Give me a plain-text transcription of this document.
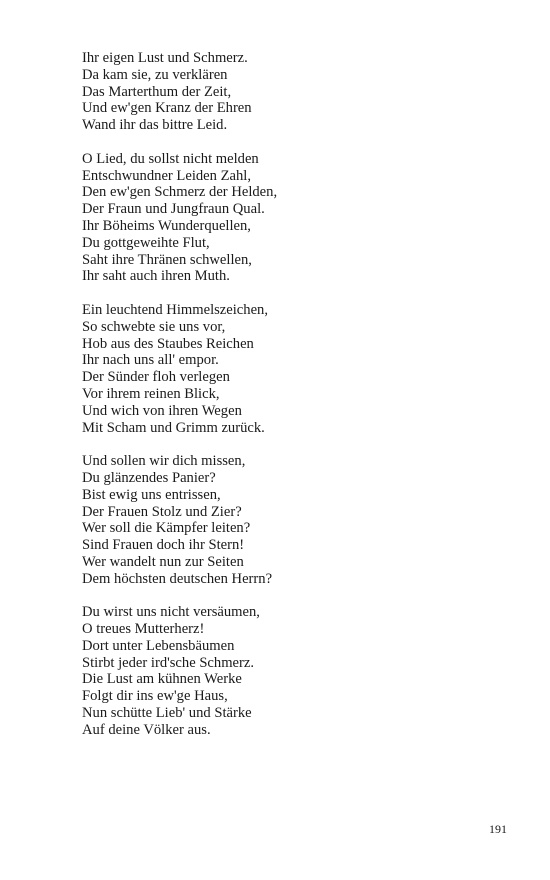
Ihr eigen Lust und Schmerz.
Da kam sie, zu verklären
Das Marterthum der Zeit,
Und ew'gen Kranz der Ehren
Wand ihr das bittre Leid.
O Lied, du sollst nicht melden
Entschwundner Leiden Zahl,
Den ew'gen Schmerz der Helden,
Der Fraun und Jungfraun Qual.
Ihr Böheims Wunderquellen,
Du gottgeweihte Flut,
Saht ihre Thränen schwellen,
Ihr saht auch ihren Muth.
Ein leuchtend Himmelszeichen,
So schwebte sie uns vor,
Hob aus des Staubes Reichen
Ihr nach uns all' empor.
Der Sünder floh verlegen
Vor ihrem reinen Blick,
Und wich von ihren Wegen
Mit Scham und Grimm zurück.
Und sollen wir dich missen,
Du glänzendes Panier?
Bist ewig uns entrissen,
Der Frauen Stolz und Zier?
Wer soll die Kämpfer leiten?
Sind Frauen doch ihr Stern!
Wer wandelt nun zur Seiten
Dem höchsten deutschen Herrn?
Du wirst uns nicht versäumen,
O treues Mutterherz!
Dort unter Lebensbäumen
Stirbt jeder ird'sche Schmerz.
Die Lust am kühnen Werke
Folgt dir ins ew'ge Haus,
Nun schütte Lieb' und Stärke
Auf deine Völker aus.
191
